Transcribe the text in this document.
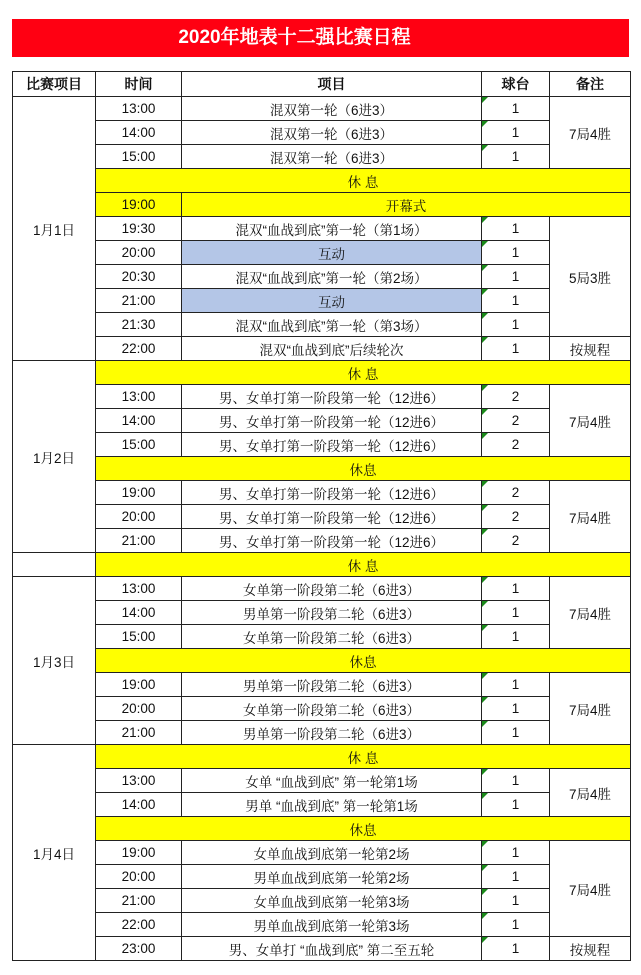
2020年地表十二强比赛日程
比赛项目	时间	项目	球台	备注
1月1日	13:00	混双第一轮（6进3）	1	7局4胜
	14:00	混双第一轮（6进3）	1	
	15:00	混双第一轮（6进3）	1	
	休 息			
	19:00	开幕式		
	19:30	混双“血战到底”第一轮（第1场）	1	5局3胜
	20:00	互动	1	
	20:30	混双“血战到底”第一轮（第2场）	1	
	21:00	互动	1	
	21:30	混双“血战到底”第一轮（第3场）	1	
	22:00	混双“血战到底”后续轮次	1	按规程
1月2日	休 息			
	13:00	男、女单打第一阶段第一轮（12进6）	2	7局4胜
	14:00	男、女单打第一阶段第一轮（12进6）	2	
	15:00	男、女单打第一阶段第一轮（12进6）	2	
	休息			
	19:00	男、女单打第一阶段第一轮（12进6）	2	7局4胜
	20:00	男、女单打第一阶段第一轮（12进6）	2	
	21:00	男、女单打第一阶段第一轮（12进6）	2	
	休 息			
1月3日	13:00	女单第一阶段第二轮（6进3）	1	7局4胜
	14:00	男单第一阶段第二轮（6进3）	1	
	15:00	女单第一阶段第二轮（6进3）	1	
	休息			
	19:00	男单第一阶段第二轮（6进3）	1	7局4胜
	20:00	女单第一阶段第二轮（6进3）	1	
	21:00	男单第一阶段第二轮（6进3）	1	
1月4日	休 息			
	13:00	女单 “血战到底” 第一轮第1场	1	7局4胜
	14:00	男单 “血战到底” 第一轮第1场	1	
	休息			
	19:00	女单血战到底第一轮第2场	1	7局4胜
	20:00	男单血战到底第一轮第2场	1	
	21:00	女单血战到底第一轮第3场	1	
	22:00	男单血战到底第一轮第3场	1	
	23:00	男、女单打 “血战到底” 第二至五轮	1	按规程
